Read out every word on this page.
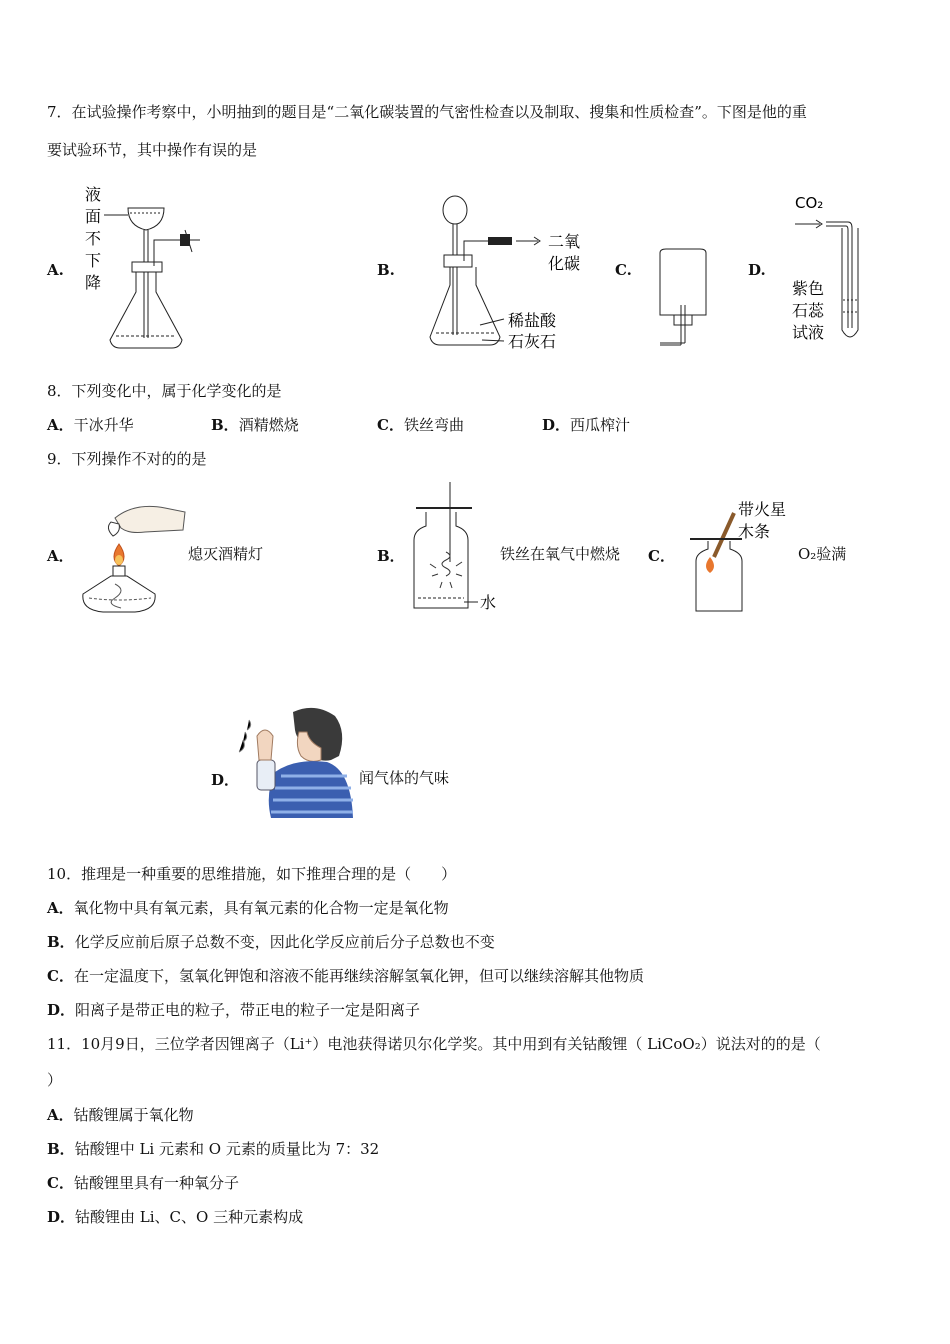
7．在试验操作考察中，小明抽到的题目是“二氧化碳装置的气密性检查以及制取、搜集和性质检查”。下图是他的重
要试验环节，其中操作有误的是
A.	B.	C.	D.
液
面
不
下
降
二氧
化碳
稀盐酸
石灰石
CO₂
紫色
石蕊
试液
8．下列变化中，属于化学变化的是
A．干冰升华	B．酒精燃烧	C．铁丝弯曲	D．西瓜榨汁
9．下列操作不对的的是
A．	熄灭酒精灯	B．	铁丝在氧气中燃烧 C．	O₂验满
水
带火星
木条
D．	闻气体的气味
10．推理是一种重要的思维措施，如下推理合理的是（　　）
A．氧化物中具有氧元素，具有氧元素的化合物一定是氧化物
B．化学反应前后原子总数不变，因此化学反应前后分子总数也不变
C．在一定温度下，氢氧化钾饱和溶液不能再继续溶解氢氧化钾，但可以继续溶解其他物质
D．阳离子是带正电的粒子，带正电的粒子一定是阳离子
11．10月9日，三位学者因锂离子（Li⁺）电池获得诺贝尔化学奖。其中用到有关钴酸锂（ LiCoO₂）说法对的的是（
）
A．钴酸锂属于氧化物
B．钴酸锂中 Li 元素和 O 元素的质量比为 7：32
C．钴酸锂里具有一种氧分子
D．钴酸锂由 Li、C、O 三种元素构成
